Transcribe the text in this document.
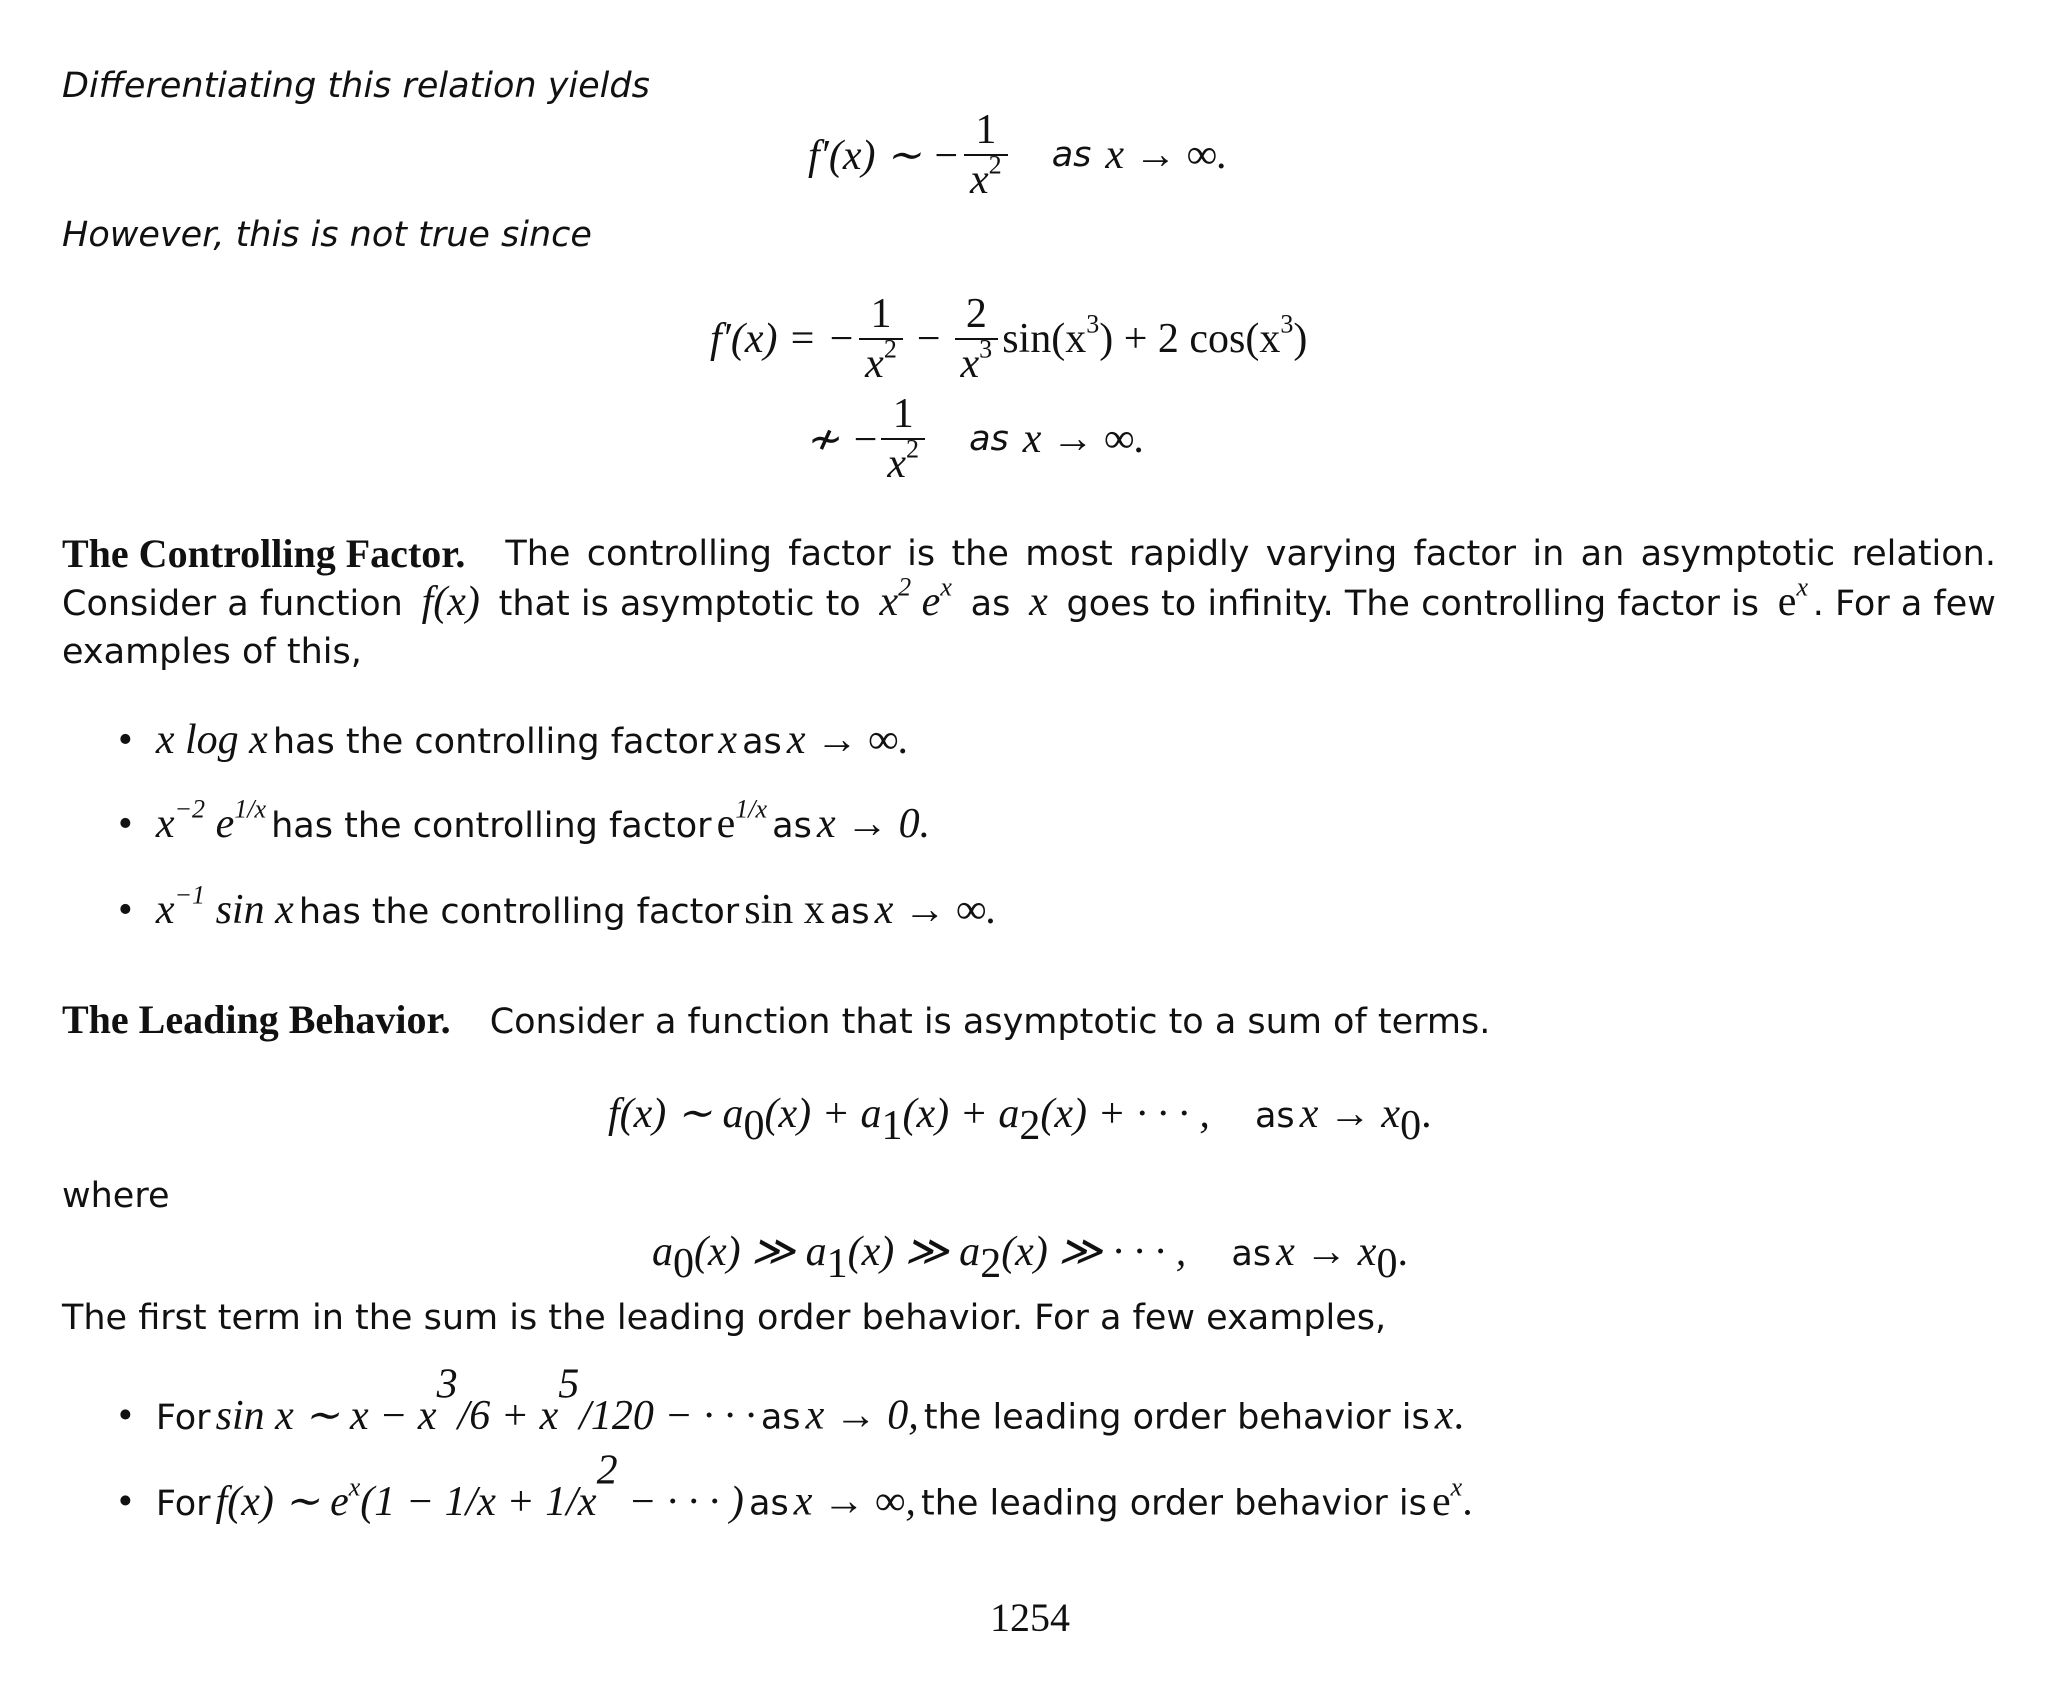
Differentiating this relation yields
f′(x) ∼ − $\frac{1}{x^2}$ as x → ∞.
However, this is not true since
f′(x) = − $\frac{1}{x^2} - \frac{2}{x^3} \sin(x^3) + 2$ $\cos(x^3)$
≁ − $\frac{1}{x^2}$ as x → ∞.
The Controlling Factor. The controlling factor is the most rapidly varying factor in an asymptotic relation.
Consider a function f(x) that is asymptotic to $x^2$ $e^x$ as x goes to infinity. The controlling factor is $e^x$ . For a few
examples of this,
• x log x has the controlling factor x as x → ∞.
• $x^{-2}$ $e^{1/x}$ has the controlling factor $e^{1/x}$ as x → 0.
• $x^{-1}$ sin x has the controlling factor sin x as x → ∞.
The Leading Behavior. Consider a function that is asymptotic to a sum of terms.
f(x) ∼ $a_0(x) + a_1(x) + a_2(x)$ + · · · , as $x \to x_0$.
where
$a_0(x)$ ≫ $a_1(x)$ ≫ $a_2(x)$ ≫ · · · , as $x \to x_0$.
The first term in the sum is the leading order behavior. For a few examples,
• For sin x ∼ $x - x^3/6 + x^5/120$ − · · · as x → 0, the leading order behavior is x.
• For f(x) ∼ $e^x(1 - 1/x + 1/x^2$ − · · · ) as x → ∞, the leading order behavior is $e^x$.
1254
